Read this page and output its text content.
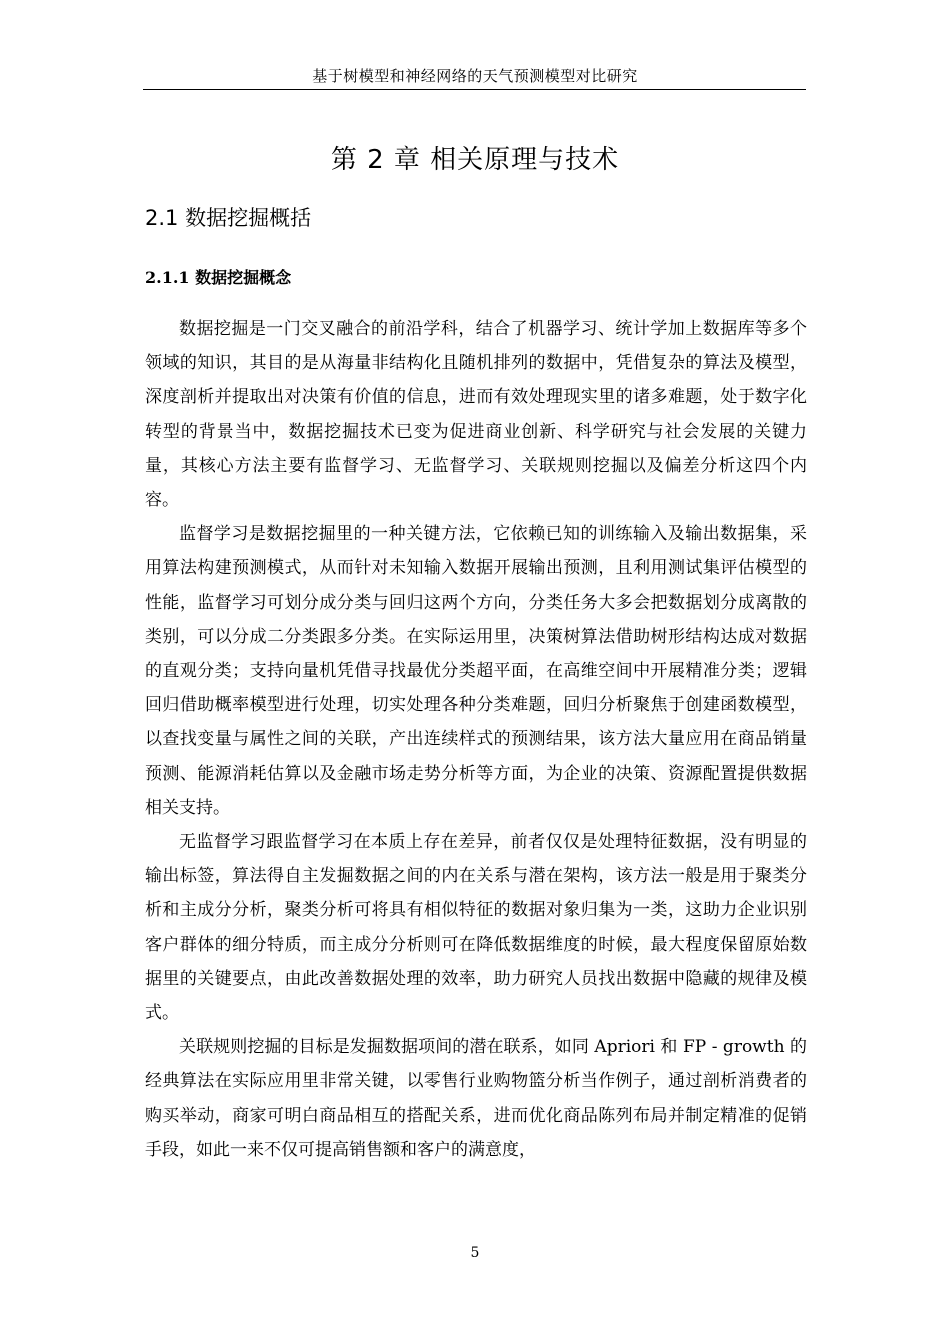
基于树模型和神经网络的天气预测模型对比研究
第 2 章 相关原理与技术
2.1 数据挖掘概括
2.1.1 数据挖掘概念

数据挖掘是一门交叉融合的前沿学科，结合了机器学习、统计学加上数据库等多个领域的知识，其目的是从海量非结构化且随机排列的数据中，凭借复杂的算法及模型，深度剖析并提取出对决策有价值的信息，进而有效处理现实里的诸多难题，处于数字化转型的背景当中，数据挖掘技术已变为促进商业创新、科学研究与社会发展的关键力量，其核心方法主要有监督学习、无监督学习、关联规则挖掘以及偏差分析这四个内容。

监督学习是数据挖掘里的一种关键方法，它依赖已知的训练输入及输出数据集，采用算法构建预测模式，从而针对未知输入数据开展输出预测，且利用测试集评估模型的性能，监督学习可划分成分类与回归这两个方向，分类任务大多会把数据划分成离散的类别，可以分成二分类跟多分类。在实际运用里，决策树算法借助树形结构达成对数据的直观分类；支持向量机凭借寻找最优分类超平面，在高维空间中开展精准分类；逻辑回归借助概率模型进行处理，切实处理各种分类难题，回归分析聚焦于创建函数模型，以查找变量与属性之间的关联，产出连续样式的预测结果，该方法大量应用在商品销量预测、能源消耗估算以及金融市场走势分析等方面，为企业的决策、资源配置提供数据相关支持。

无监督学习跟监督学习在本质上存在差异，前者仅仅是处理特征数据，没有明显的输出标签，算法得自主发掘数据之间的内在关系与潜在架构，该方法一般是用于聚类分析和主成分分析，聚类分析可将具有相似特征的数据对象归集为一类，这助力企业识别客户群体的细分特质，而主成分分析则可在降低数据维度的时候，最大程度保留原始数据里的关键要点，由此改善数据处理的效率，助力研究人员找出数据中隐藏的规律及模式。

关联规则挖掘的目标是发掘数据项间的潜在联系，如同 Apriori 和 FP - growth 的经典算法在实际应用里非常关键，以零售行业购物篮分析当作例子，通过剖析消费者的购买举动，商家可明白商品相互的搭配关系，进而优化商品陈列布局并制定精准的促销手段，如此一来不仅可提高销售额和客户的满意度，

5
